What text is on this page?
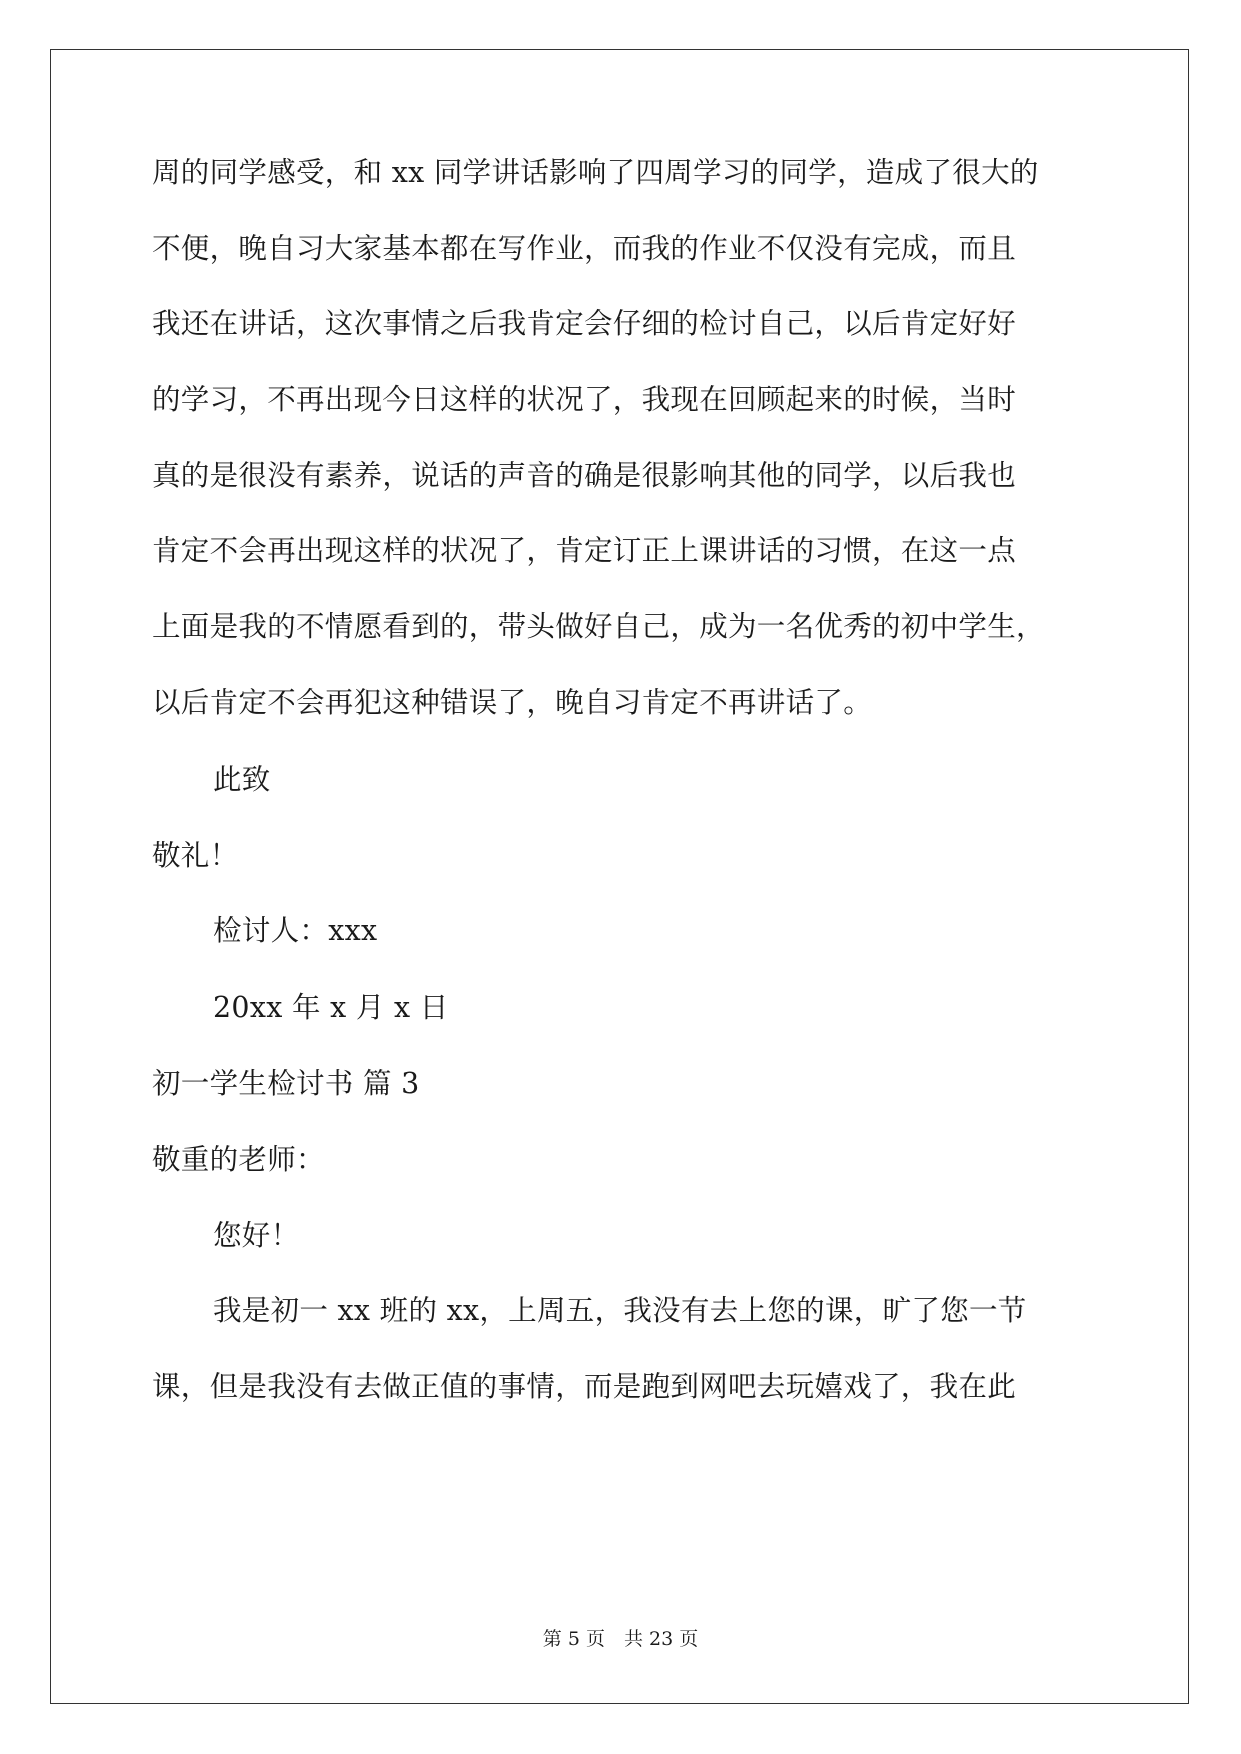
周的同学感受，和 xx 同学讲话影响了四周学习的同学，造成了很大的
不便，晚自习大家基本都在写作业，而我的作业不仅没有完成，而且
我还在讲话，这次事情之后我肯定会仔细的检讨自己，以后肯定好好
的学习，不再出现今日这样的状况了，我现在回顾起来的时候，当时
真的是很没有素养，说话的声音的确是很影响其他的同学，以后我也
肯定不会再出现这样的状况了，肯定订正上课讲话的习惯，在这一点
上面是我的不情愿看到的，带头做好自己，成为一名优秀的初中学生，
以后肯定不会再犯这种错误了，晚自习肯定不再讲话了。
此致
敬礼！
检讨人：xxx
20xx 年 x 月 x 日
初一学生检讨书 篇 3
敬重的老师：
您好！
我是初一 xx 班的 xx，上周五，我没有去上您的课，旷了您一节
课，但是我没有去做正值的事情，而是跑到网吧去玩嬉戏了，我在此
第 5 页　共 23 页
